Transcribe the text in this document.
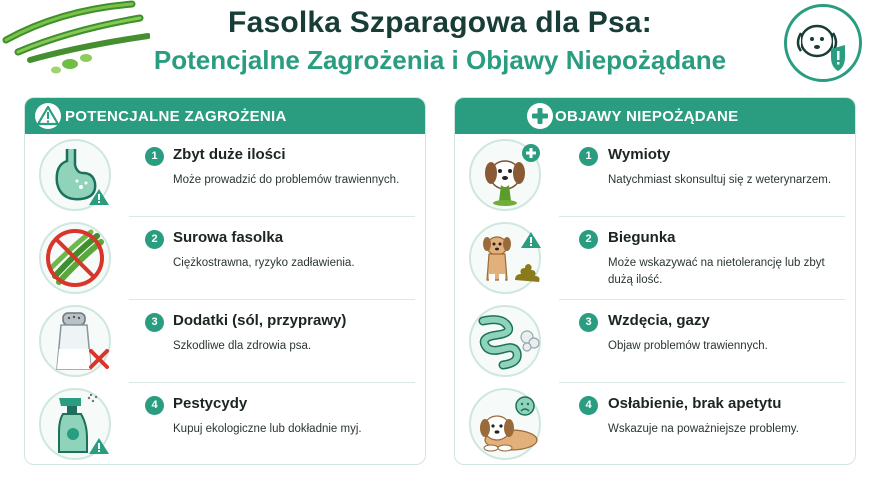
Fasolka Szparagowa dla Psa:
Potencjalne Zagrożenia i Objawy Niepożądane
POTENCJALNE ZAGROŻENIA
1	Zbyt duże ilości
Może prowadzić do problemów trawiennych.
2	Surowa fasolka
Ciężkostrawna, ryzyko zadławienia.
3	Dodatki (sól, przyprawy)
Szkodliwe dla zdrowia psa.
4	Pestycydy
Kupuj ekologiczne lub dokładnie myj.
OBJAWY NIEPOŻĄDANE
1	Wymioty
Natychmiast skonsultuj się z weterynarzem.
2	Biegunka
Może wskazywać na nietolerancję lub zbyt dużą ilość.
3	Wzdęcia, gazy
Objaw problemów trawiennych.
4	Osłabienie, brak apetytu
Wskazuje na poważniejsze problemy.
